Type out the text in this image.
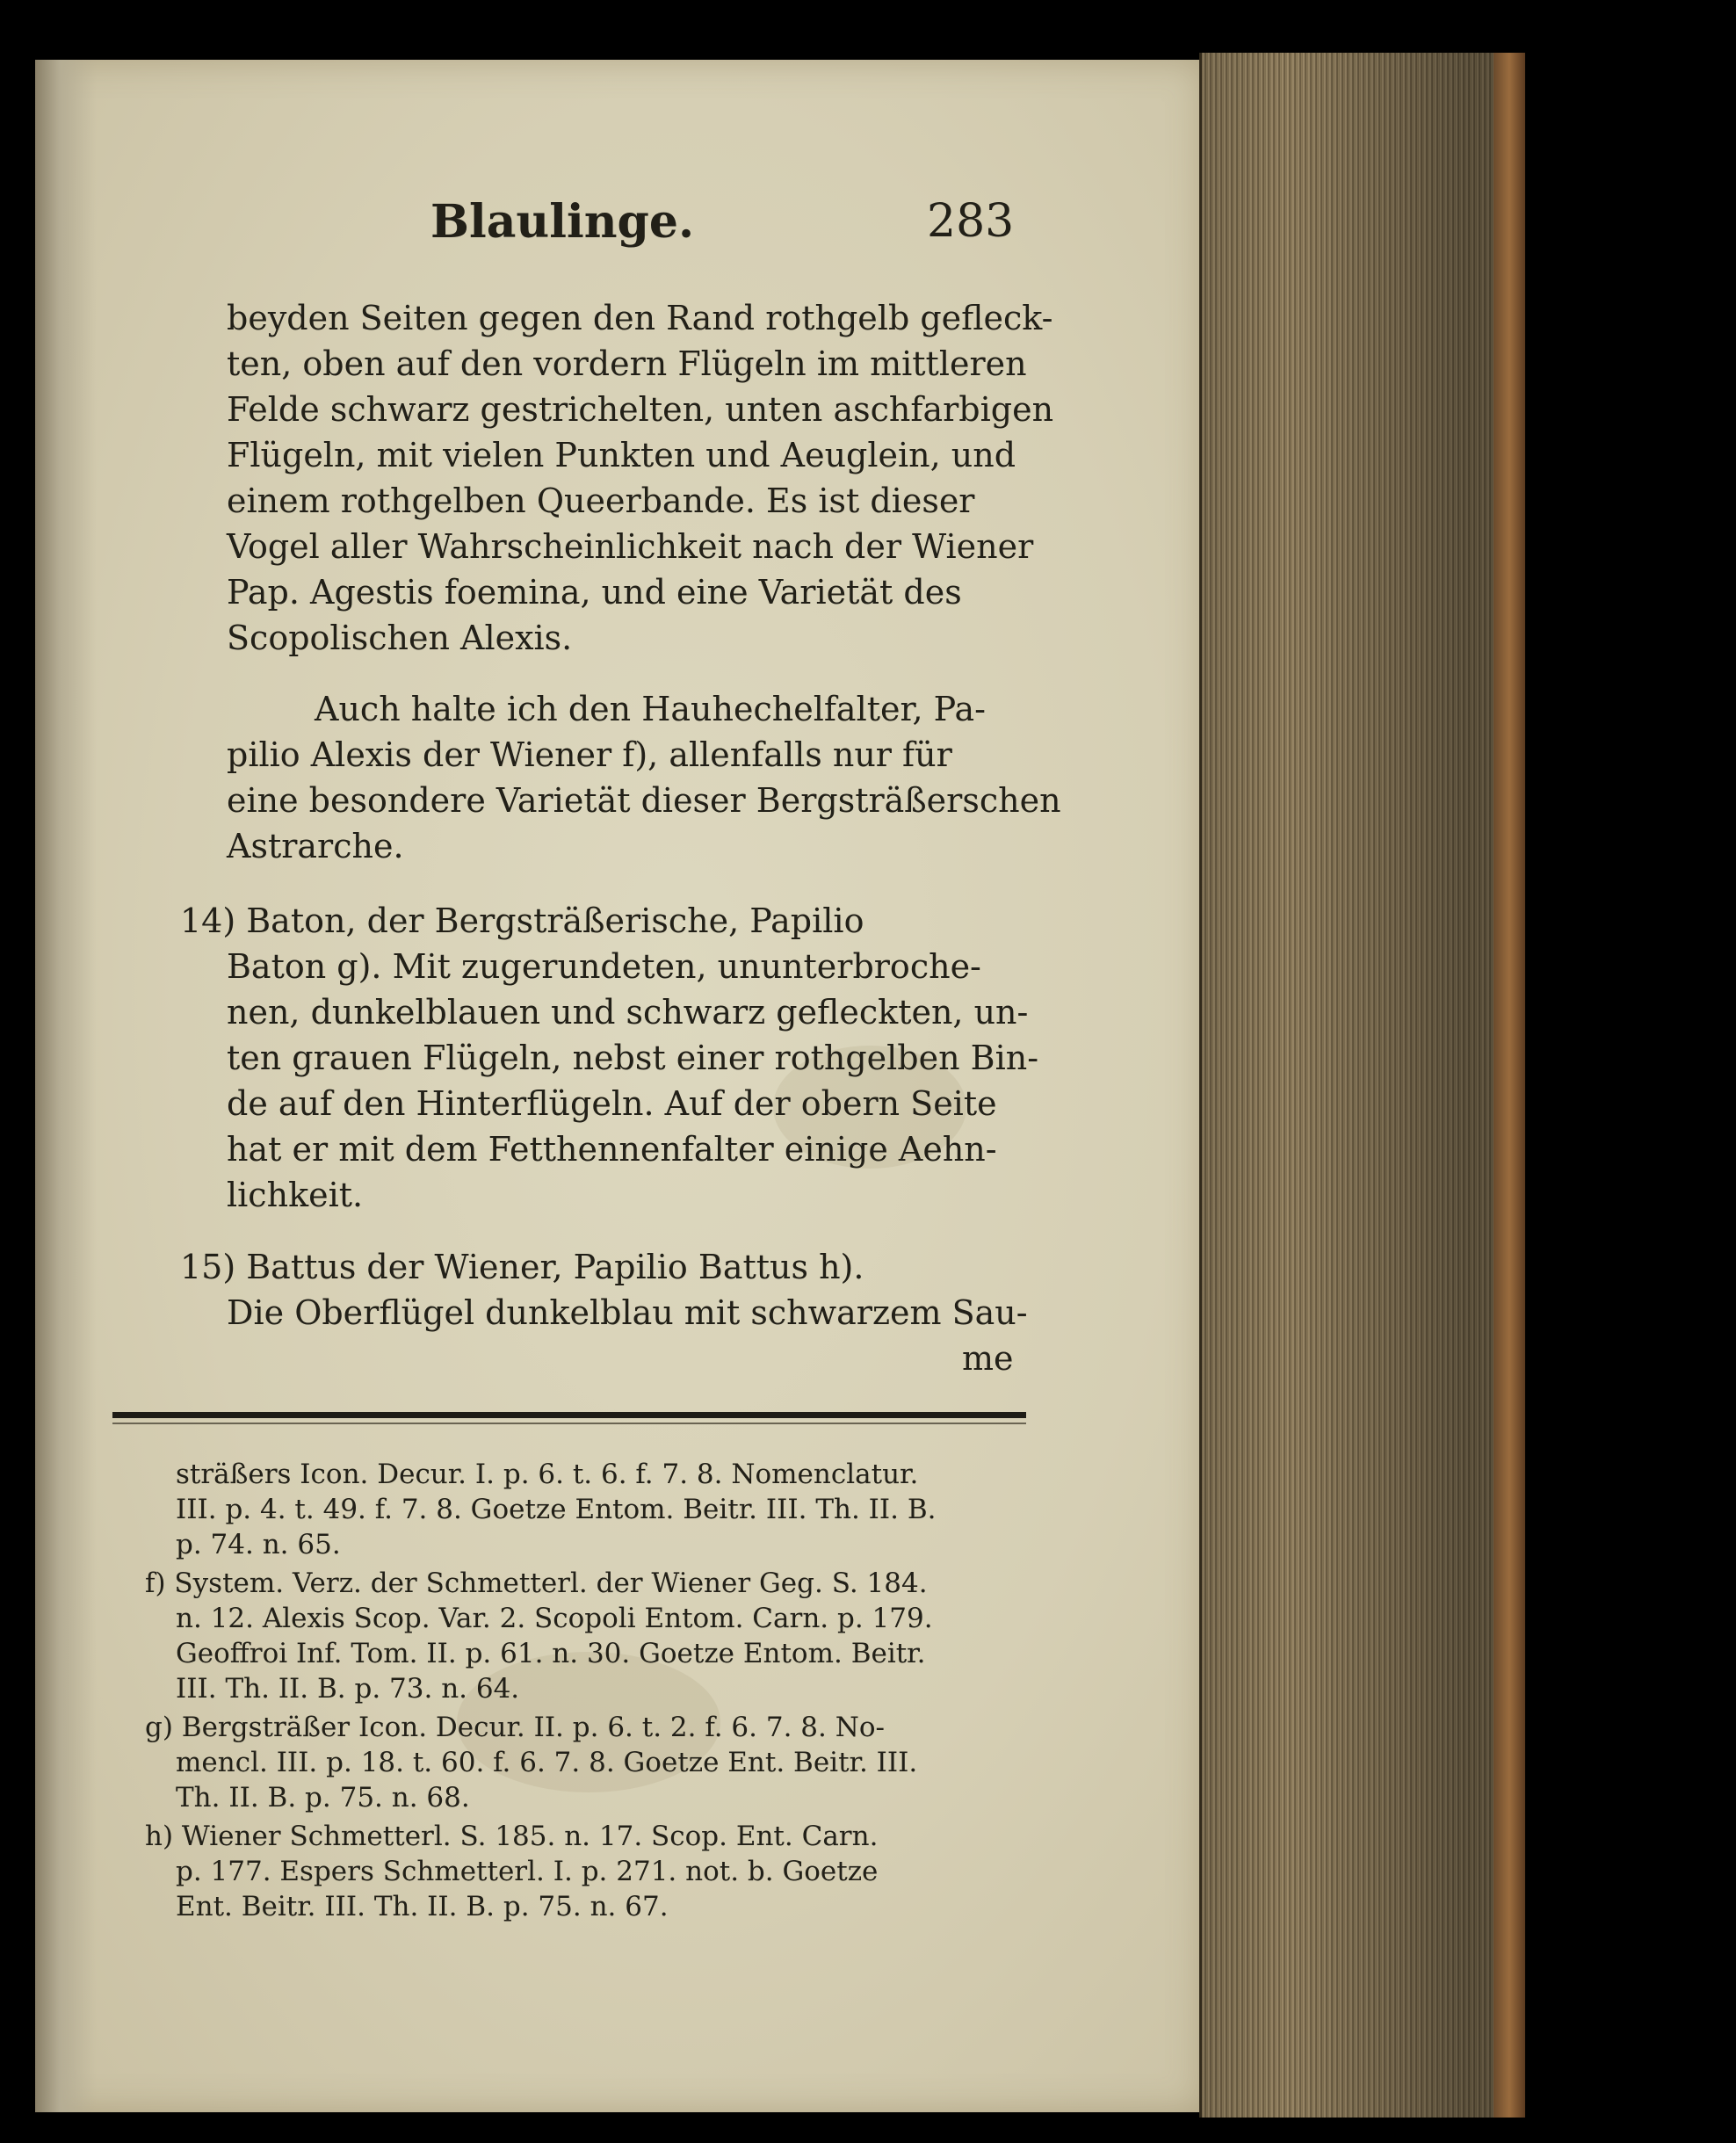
Blaulinge.	283
beyden Seiten gegen den Rand rothgelb gefleck-
ten, oben auf den vordern Flügeln im mittleren
Felde schwarz gestrichelten, unten aschfarbigen
Flügeln, mit vielen Punkten und Aeuglein, und
einem rothgelben Queerbande. Es ist dieser
Vogel aller Wahrscheinlichkeit nach der Wiener
Pap. Agestis foemina, und eine Varietät des
Scopolischen Alexis.
Auch halte ich den Hauhechelfalter, Pa-
pilio Alexis der Wiener f), allenfalls nur für
eine besondere Varietät dieser Bergsträßerschen
Astrarche.
14) Baton, der Bergsträßerische, Papilio
Baton g). Mit zugerundeten, ununterbroche-
nen, dunkelblauen und schwarz gefleckten, un-
ten grauen Flügeln, nebst einer rothgelben Bin-
de auf den Hinterflügeln. Auf der obern Seite
hat er mit dem Fetthennenfalter einige Aehn-
lichkeit.
15) Battus der Wiener, Papilio Battus h).
Die Oberflügel dunkelblau mit schwarzem Sau-
me
sträßers Icon. Decur. I. p. 6. t. 6. f. 7. 8. Nomenclatur.
III. p. 4. t. 49. f. 7. 8. Goetze Entom. Beitr. III. Th. II. B.
p. 74. n. 65.
f) System. Verz. der Schmetterl. der Wiener Geg. S. 184.
n. 12. Alexis Scop. Var. 2. Scopoli Entom. Carn. p. 179.
Geoffroi Inf. Tom. II. p. 61. n. 30. Goetze Entom. Beitr.
III. Th. II. B. p. 73. n. 64.
g) Bergsträßer Icon. Decur. II. p. 6. t. 2. f. 6. 7. 8. No-
mencl. III. p. 18. t. 60. f. 6. 7. 8. Goetze Ent. Beitr. III.
Th. II. B. p. 75. n. 68.
h) Wiener Schmetterl. S. 185. n. 17. Scop. Ent. Carn.
p. 177. Espers Schmetterl. I. p. 271. not. b. Goetze
Ent. Beitr. III. Th. II. B. p. 75. n. 67.
